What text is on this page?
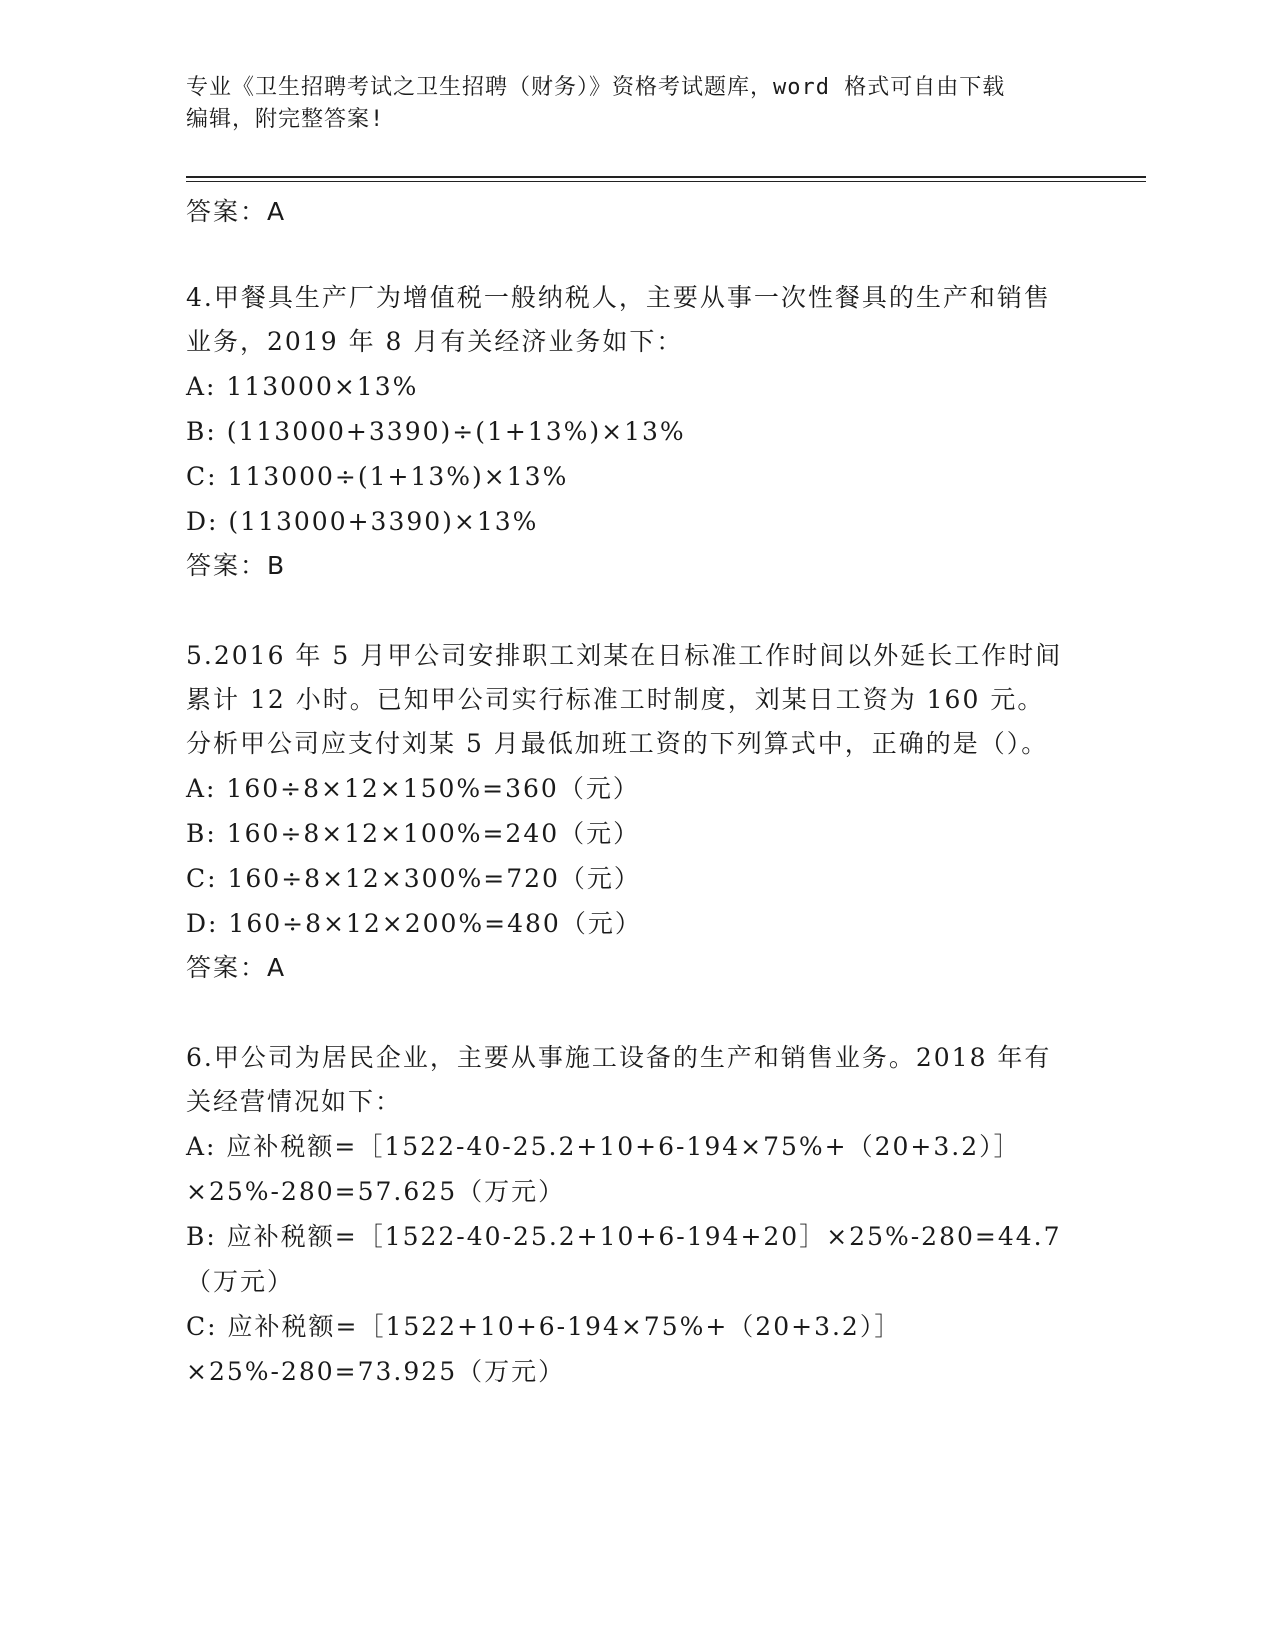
专业《卫生招聘考试之卫生招聘（财务）》资格考试题库，word 格式可自由下载
编辑，附完整答案!
答案：A
4.甲餐具生产厂为增值税一般纳税人，主要从事一次性餐具的生产和销售业务，2019 年 8 月有关经济业务如下：
A: 113000×13%
B: (113000+3390)÷(1+13%)×13%
C: 113000÷(1+13%)×13%
D: (113000+3390)×13%
答案：B
5.2016 年 5 月甲公司安排职工刘某在日标准工作时间以外延长工作时间累计 12 小时。已知甲公司实行标准工时制度，刘某日工资为 160 元。分析甲公司应支付刘某 5 月最低加班工资的下列算式中，正确的是（）。
A: 160÷8×12×150%=360（元）
B: 160÷8×12×100%=240（元）
C: 160÷8×12×300%=720（元）
D: 160÷8×12×200%=480（元）
答案：A
6.甲公司为居民企业，主要从事施工设备的生产和销售业务。2018 年有关经营情况如下：
A: 应补税额=［1522-40-25.2+10+6-194×75%+（20+3.2）］×25%-280=57.625（万元）
B: 应补税额=［1522-40-25.2+10+6-194+20］×25%-280=44.7（万元）
C: 应补税额=［1522+10+6-194×75%+（20+3.2）］×25%-280=73.925（万元）
